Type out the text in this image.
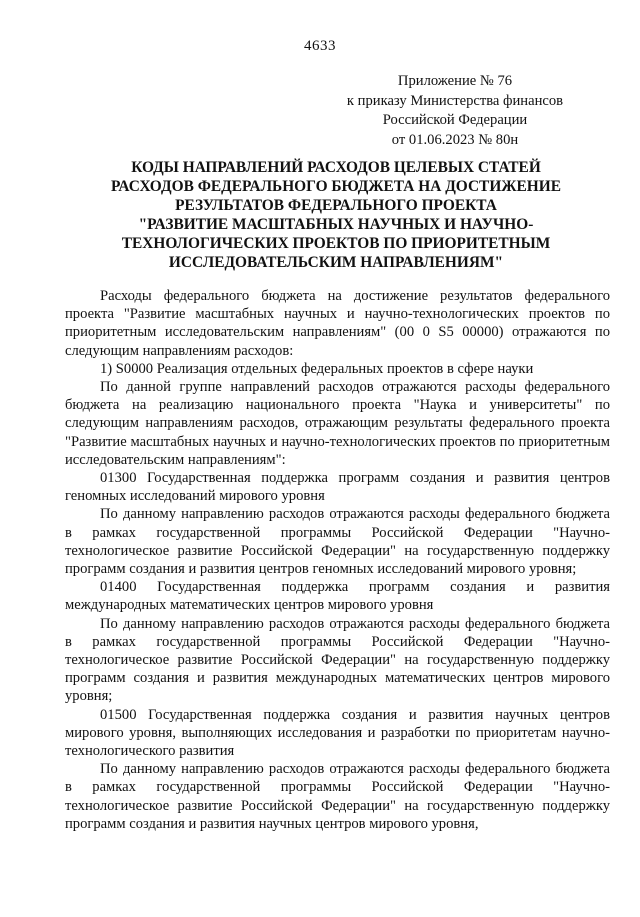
4633
Приложение № 76
к приказу Министерства финансов
Российской Федерации
от 01.06.2023 № 80н
КОДЫ НАПРАВЛЕНИЙ РАСХОДОВ ЦЕЛЕВЫХ СТАТЕЙ
РАСХОДОВ ФЕДЕРАЛЬНОГО БЮДЖЕТА НА ДОСТИЖЕНИЕ
РЕЗУЛЬТАТОВ ФЕДЕРАЛЬНОГО ПРОЕКТА
"РАЗВИТИЕ МАСШТАБНЫХ НАУЧНЫХ И НАУЧНО-
ТЕХНОЛОГИЧЕСКИХ ПРОЕКТОВ ПО ПРИОРИТЕТНЫМ
ИССЛЕДОВАТЕЛЬСКИМ НАПРАВЛЕНИЯМ"

Расходы федерального бюджета на достижение результатов федерального проекта "Развитие масштабных научных и научно-технологических проектов по приоритетным исследовательским направлениям" (00 0 S5 00000) отражаются по следующим направлениям расходов:

1) S0000 Реализация отдельных федеральных проектов в сфере науки

По данной группе направлений расходов отражаются расходы федерального бюджета на реализацию национального проекта "Наука и университеты" по следующим направлениям расходов, отражающим результаты федерального проекта "Развитие масштабных научных и научно-технологических проектов по приоритетным исследовательским направлениям":

01300 Государственная поддержка программ создания и развития центров геномных исследований мирового уровня

По данному направлению расходов отражаются расходы федерального бюджета в рамках государственной программы Российской Федерации "Научно-технологическое развитие Российской Федерации" на государственную поддержку программ создания и развития центров геномных исследований мирового уровня;

01400 Государственная поддержка программ создания и развития международных математических центров мирового уровня

По данному направлению расходов отражаются расходы федерального бюджета в рамках государственной программы Российской Федерации "Научно-технологическое развитие Российской Федерации" на государственную поддержку программ создания и развития международных математических центров мирового уровня;

01500 Государственная поддержка создания и развития научных центров мирового уровня, выполняющих исследования и разработки по приоритетам научно-технологического развития

По данному направлению расходов отражаются расходы федерального бюджета в рамках государственной программы Российской Федерации "Научно-технологическое развитие Российской Федерации" на государственную поддержку программ создания и развития научных центров мирового уровня,
